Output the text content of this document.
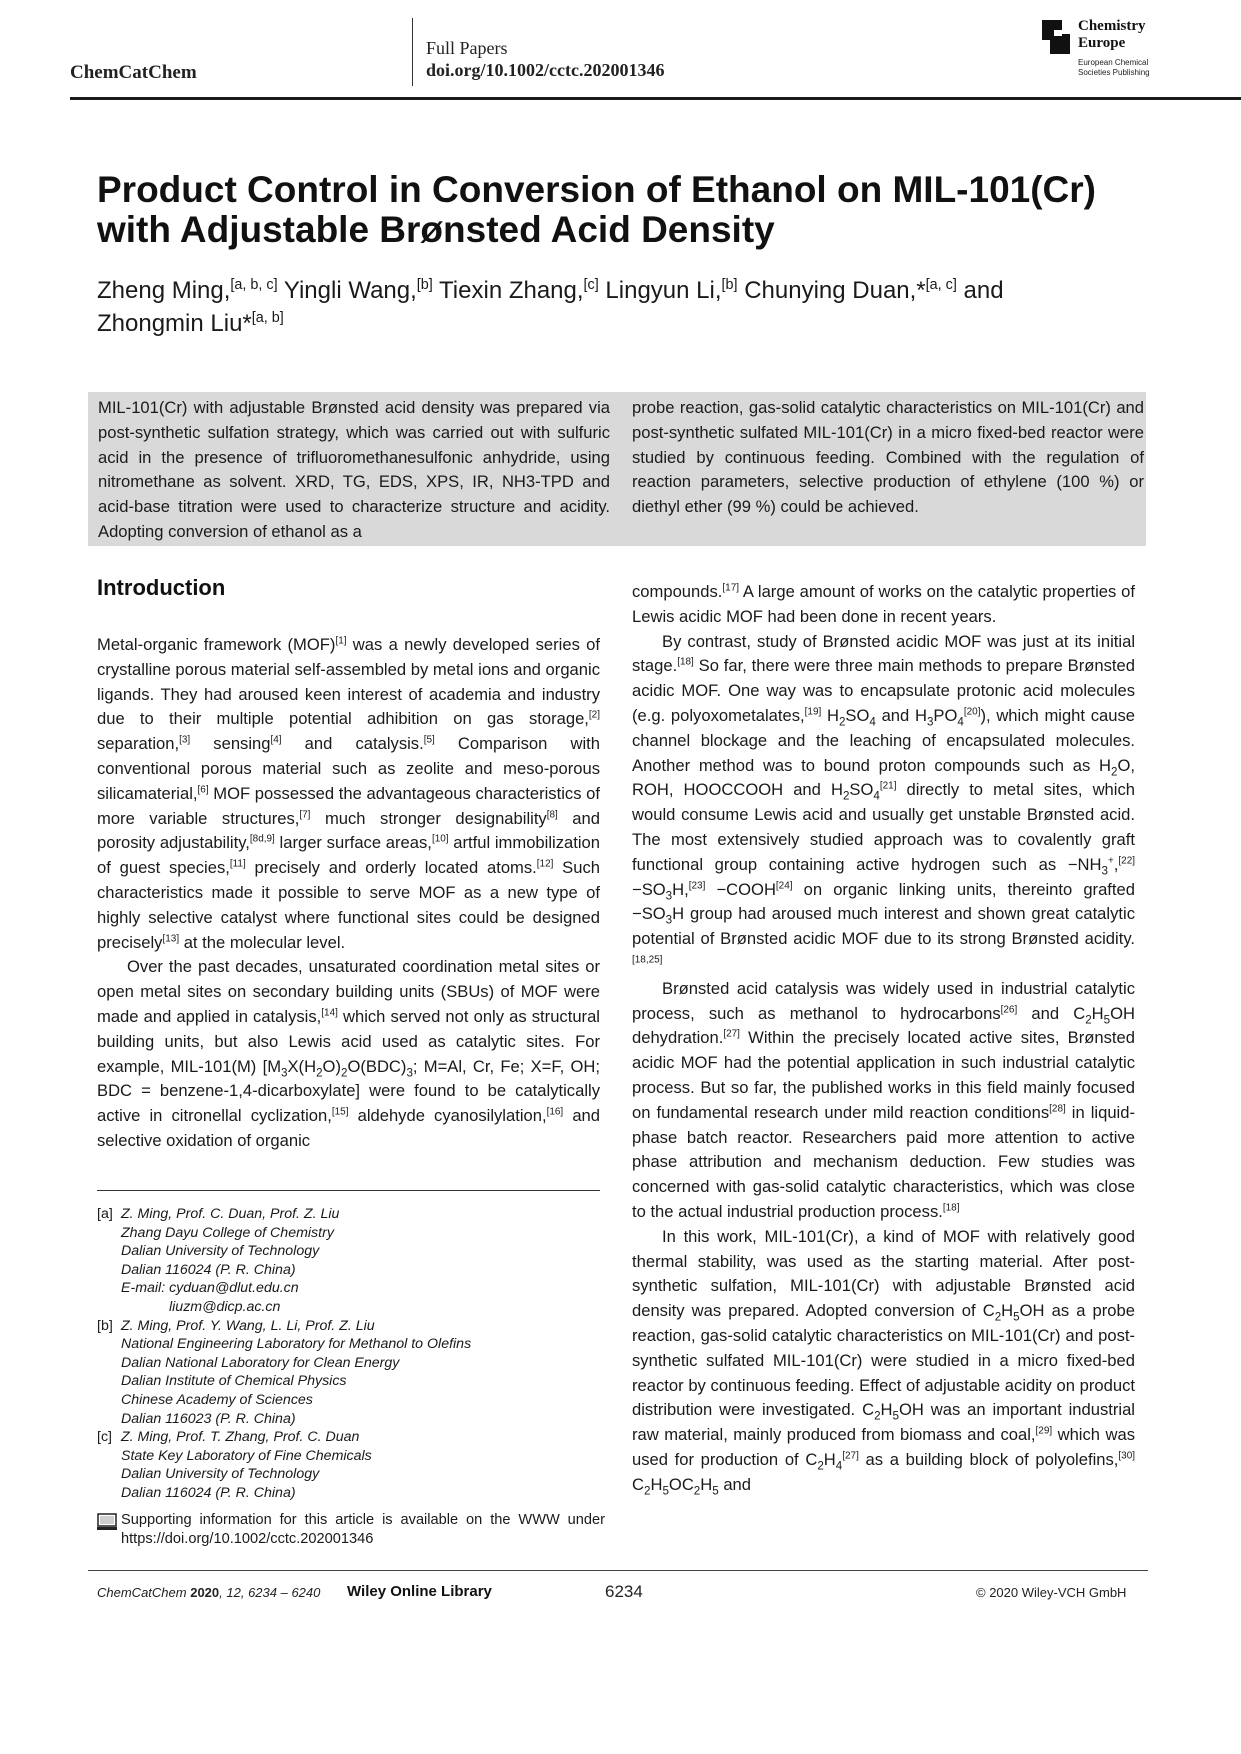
ChemCatChem
Full Papers
doi.org/10.1002/cctc.202001346
Chemistry
Europe
European Chemical
Societies Publishing
Product Control in Conversion of Ethanol on MIL-101(Cr) with Adjustable Brønsted Acid Density
Zheng Ming,[a, b, c] Yingli Wang,[b] Tiexin Zhang,[c] Lingyun Li,[b] Chunying Duan,*[a, c] and
Zhongmin Liu*[a, b]
MIL-101(Cr) with adjustable Brønsted acid density was prepared via post-synthetic sulfation strategy, which was carried out with sulfuric acid in the presence of trifluoromethanesulfonic anhydride, using nitromethane as solvent. XRD, TG, EDS, XPS, IR, NH3-TPD and acid-base titration were used to characterize structure and acidity. Adopting conversion of ethanol as a
probe reaction, gas-solid catalytic characteristics on MIL-101(Cr) and post-synthetic sulfated MIL-101(Cr) in a micro fixed-bed reactor were studied by continuous feeding. Combined with the regulation of reaction parameters, selective production of ethylene (100 %) or diethyl ether (99 %) could be achieved.
Introduction

Metal-organic framework (MOF)[1] was a newly developed series of crystalline porous material self-assembled by metal ions and organic ligands. They had aroused keen interest of academia and industry due to their multiple potential adhibition on gas storage,[2] separation,[3] sensing[4] and catalysis.[5] Comparison with conventional porous material such as zeolite and meso-porous silicamaterial,[6] MOF possessed the advantageous characteristics of more variable structures,[7] much stronger designability[8] and porosity adjustability,[8d,9] larger surface areas,[10] artful immobilization of guest species,[11] precisely and orderly located atoms.[12] Such characteristics made it possible to serve MOF as a new type of highly selective catalyst where functional sites could be designed precisely[13] at the molecular level.

Over the past decades, unsaturated coordination metal sites or open metal sites on secondary building units (SBUs) of MOF were made and applied in catalysis,[14] which served not only as structural building units, but also Lewis acid used as catalytic sites. For example, MIL-101(M) [$M_3X(H_2O)_2O(BDC)_3$; M=Al, Cr, Fe; X=F, OH; BDC = benzene-1,4-dicarboxylate] were found to be catalytically active in citronellal cyclization,[15] aldehyde cyanosilylation,[16] and selective oxidation of organic

[a] Z. Ming, Prof. C. Duan, Prof. Z. Liu
Zhang Dayu College of Chemistry
Dalian University of Technology
Dalian 116024 (P. R. China)
E-mail: cyduan@dlut.edu.cn
liuzm@dicp.ac.cn
[b] Z. Ming, Prof. Y. Wang, L. Li, Prof. Z. Liu
National Engineering Laboratory for Methanol to Olefins
Dalian National Laboratory for Clean Energy
Dalian Institute of Chemical Physics
Chinese Academy of Sciences
Dalian 116023 (P. R. China)
[c] Z. Ming, Prof. T. Zhang, Prof. C. Duan
State Key Laboratory of Fine Chemicals
Dalian University of Technology
Dalian 116024 (P. R. China)
Supporting information for this article is available on the WWW under https://doi.org/10.1002/cctc.202001346

compounds.[17] A large amount of works on the catalytic properties of Lewis acidic MOF had been done in recent years.

By contrast, study of Brønsted acidic MOF was just at its initial stage.[18] So far, there were three main methods to prepare Brønsted acidic MOF. One way was to encapsulate protonic acid molecules (e.g. polyoxometalates,[19] $H_2SO_4$ and $H_3PO_4[20]$), which might cause channel blockage and the leaching of encapsulated molecules. Another method was to bound proton compounds such as $H_2O$, ROH, HOOCCOOH and $H_2SO_4[21]$ directly to metal sites, which would consume Lewis acid and usually get unstable Brønsted acid. The most extensively studied approach was to covalently graft functional group containing active hydrogen such as $-NH_3^+,[22] -SO_3H,[23]$ −COOH[24] on organic linking units, thereinto grafted $-SO_3H$ group had aroused much interest and shown great catalytic potential of Brønsted acidic MOF due to its strong Brønsted acidity.[18,25]

Brønsted acid catalysis was widely used in industrial catalytic process, such as methanol to hydrocarbons[26] and $C_2H_5OH$ dehydration.[27] Within the precisely located active sites, Brønsted acidic MOF had the potential application in such industrial catalytic process. But so far, the published works in this field mainly focused on fundamental research under mild reaction conditions[28] in liquid-phase batch reactor. Researchers paid more attention to active phase attribution and mechanism deduction. Few studies was concerned with gas-solid catalytic characteristics, which was close to the actual industrial production process.[18]

In this work, MIL-101(Cr), a kind of MOF with relatively good thermal stability, was used as the starting material. After post-synthetic sulfation, MIL-101(Cr) with adjustable Brønsted acid density was prepared. Adopted conversion of $C_2H_5OH$ as a probe reaction, gas-solid catalytic characteristics on MIL-101(Cr) and post-synthetic sulfated MIL-101(Cr) were studied in a micro fixed-bed reactor by continuous feeding. Effect of adjustable acidity on product distribution were investigated. $C_2H_5OH$ was an important industrial raw material, mainly produced from biomass and coal,[29] which was used for production of $C_2H_4[27]$ as a building block of polyolefins,[30] $C_2H_5OC_2H_5$ and

ChemCatChem 2020, 12, 6234 – 6240 Wiley Online Library	6234	© 2020 Wiley-VCH GmbH
